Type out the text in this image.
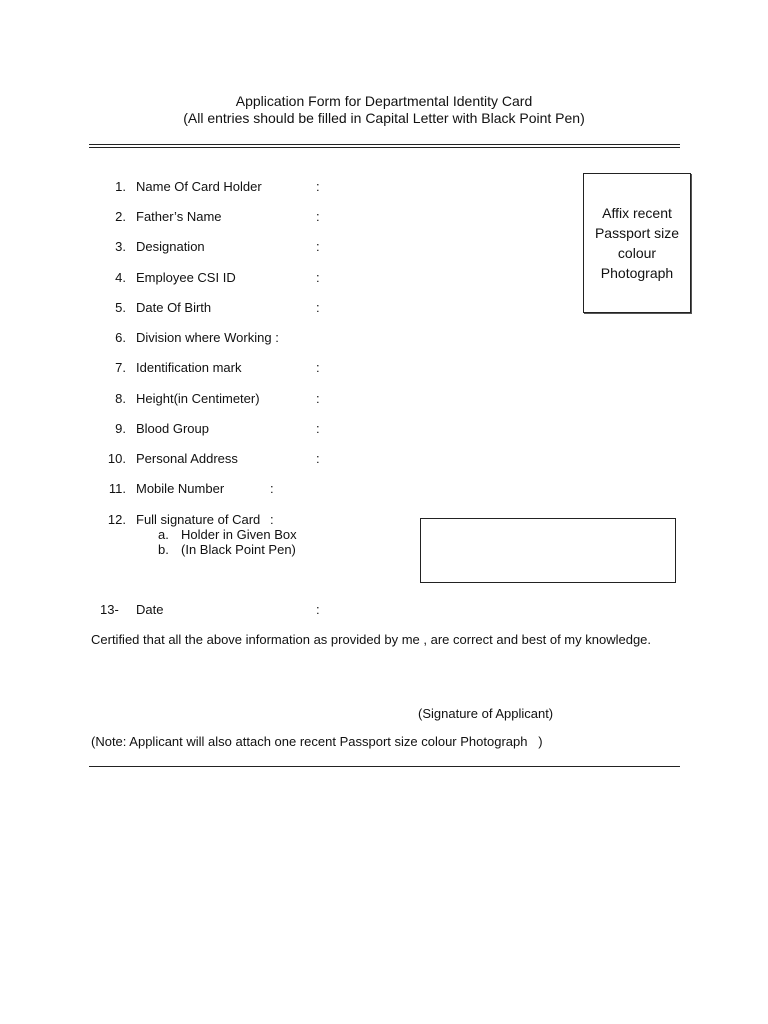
Application Form for Departmental Identity Card
(All entries should be filled in Capital Letter with Black Point Pen)
1. Name Of Card Holder	:
2. Father’s Name	:
3. Designation	:
4. Employee CSI ID	:
5. Date Of Birth	:
6. Division where Working :
7. Identification mark	:
8. Height(in Centimeter)	:
9. Blood Group	:
10. Personal Address	:
11. Mobile Number	:
12. Full signature of Card :
a. Holder in Given Box
b. (In Black Point Pen)
Affix recent
Passport size
colour
Photograph
13- Date	:
Certified that all the above information as provided by me , are correct and best of my knowledge.
(Signature of Applicant)
(Note: Applicant will also attach one recent Passport size colour Photograph   )
